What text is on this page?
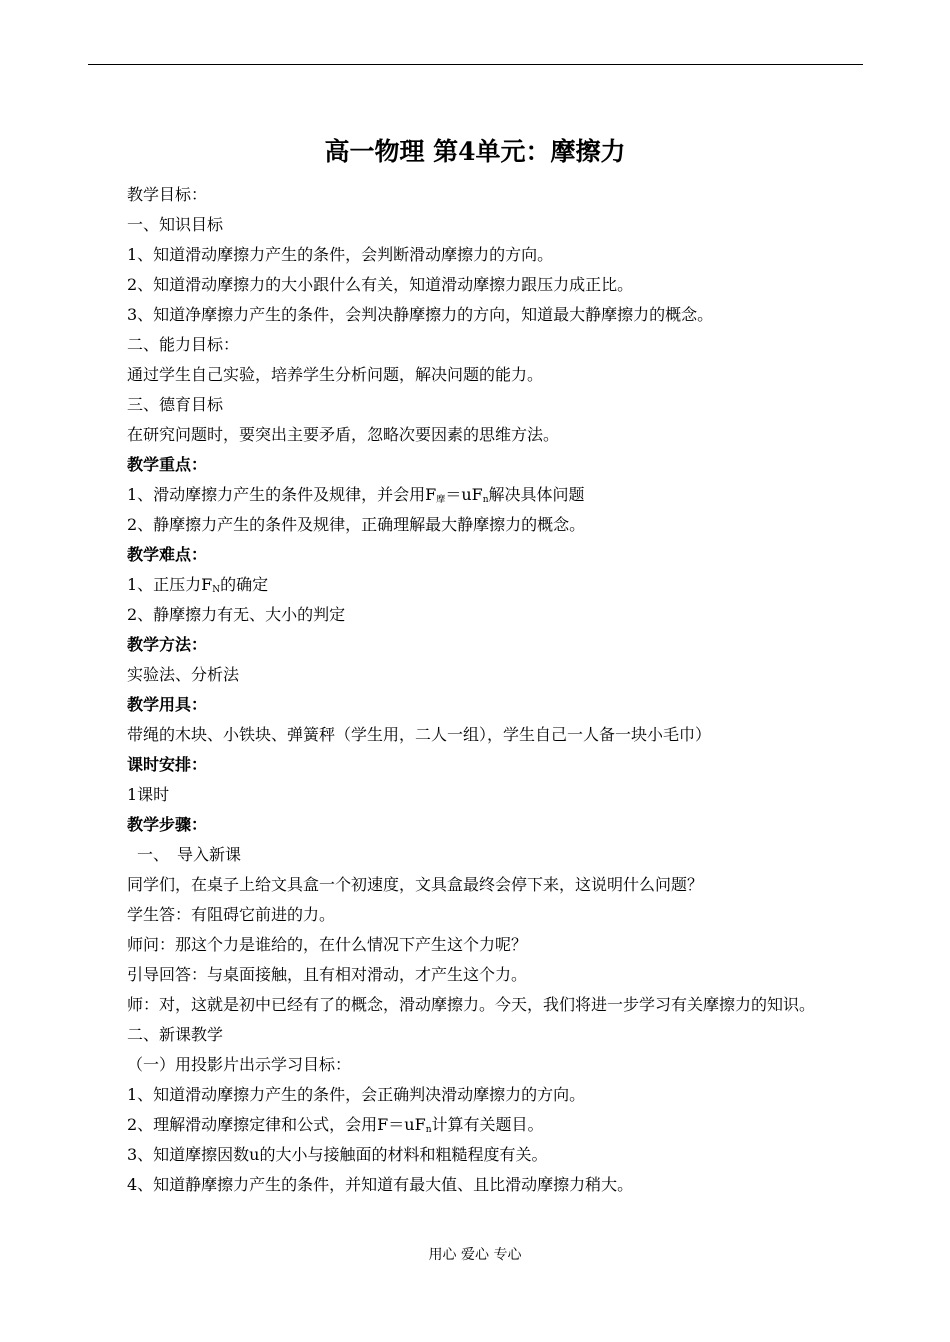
高一物理 第4单元：摩擦力
教学目标：
一、知识目标
1、知道滑动摩擦力产生的条件，会判断滑动摩擦力的方向。
2、知道滑动摩擦力的大小跟什么有关，知道滑动摩擦力跟压力成正比。
3、知道净摩擦力产生的条件，会判决静摩擦力的方向，知道最大静摩擦力的概念。
二、能力目标：
通过学生自己实验，培养学生分析问题，解决问题的能力。
三、德育目标
在研究问题时，要突出主要矛盾，忽略次要因素的思维方法。
教学重点：
1、滑动摩擦力产生的条件及规律，并会用$F_摩=uF_n$解决具体问题
2、静摩擦力产生的条件及规律，正确理解最大静摩擦力的概念。
教学难点：
1、正压力$F_N$的确定
2、静摩擦力有无、大小的判定
教学方法：
实验法、分析法
教学用具：
带绳的木块、小铁块、弹簧秤（学生用，二人一组），学生自己一人备一块小毛巾）
课时安排：
1课时
教学步骤：
一、　导入新课
同学们，在桌子上给文具盒一个初速度，文具盒最终会停下来，这说明什么问题？
学生答：有阻碍它前进的力。
师问：那这个力是谁给的，在什么情况下产生这个力呢？
引导回答：与桌面接触，且有相对滑动，才产生这个力。
师：对，这就是初中已经有了的概念，滑动摩擦力。今天，我们将进一步学习有关摩擦力的知识。
二、新课教学
（一）用投影片出示学习目标：
1、知道滑动摩擦力产生的条件，会正确判决滑动摩擦力的方向。
2、理解滑动摩擦定律和公式，会用$F=uF_n$计算有关题目。
3、知道摩擦因数u的大小与接触面的材料和粗糙程度有关。
4、知道静摩擦力产生的条件，并知道有最大值、且比滑动摩擦力稍大。
用心 爱心 专心
